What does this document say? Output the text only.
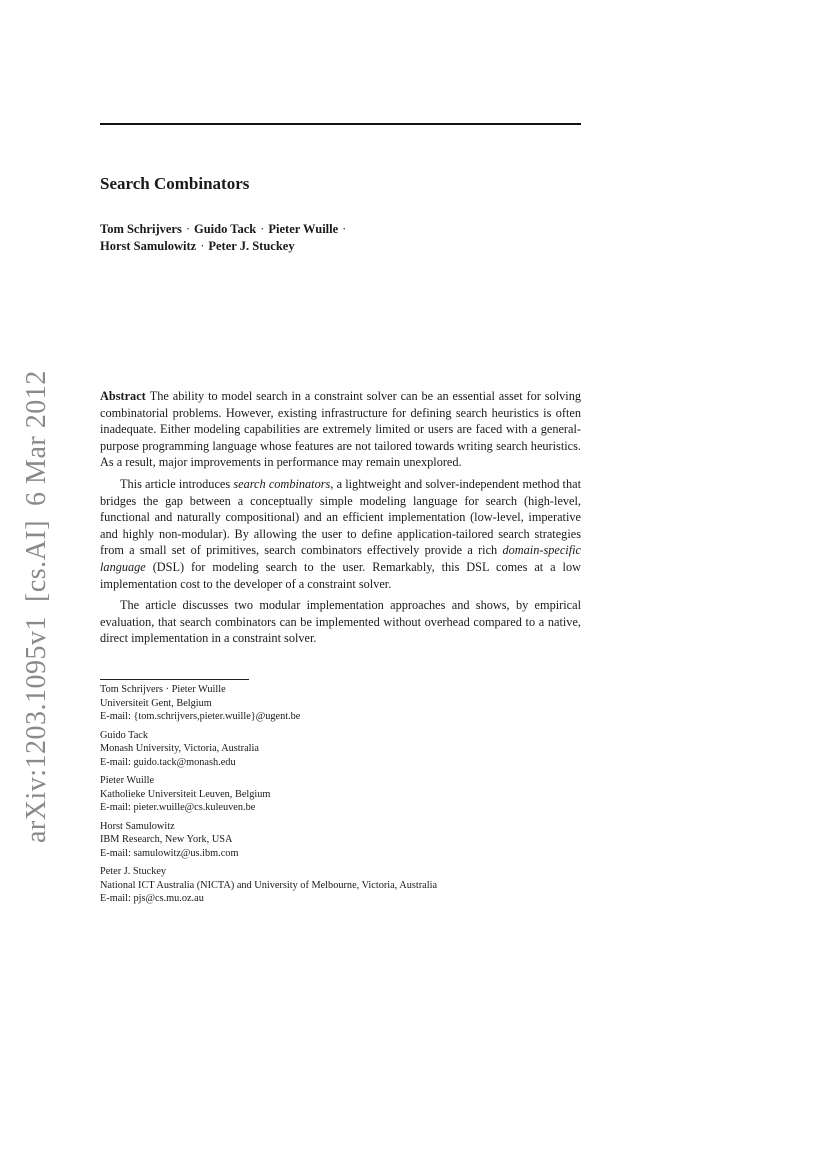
Search Combinators
Tom Schrijvers · Guido Tack · Pieter Wuille ·
Horst Samulowitz · Peter J. Stuckey
arXiv:1203.1095v1[cs.AI]6 Mar 2012	Abstract The ability to model search in a constraint solver can be an essential asset for solving combinatorial problems. However, existing infrastructure for defining search heuristics is often inadequate. Either modeling capabilities are extremely limited or users are faced with a general-purpose programming language whose features are not tailored towards writing search heuristics. As a result, major improvements in performance may remain unexplored.

This article introduces search combinators, a lightweight and solver-independent method that bridges the gap between a conceptually simple modeling language for search (high-level, functional and naturally compositional) and an efficient implementation (low-level, imperative and highly non-modular). By allowing the user to define application-tailored search strategies from a small set of primitives, search combinators effectively provide a rich domain-specific language (DSL) for modeling search to the user. Remarkably, this DSL comes at a low implementation cost to the developer of a constraint solver.

The article discusses two modular implementation approaches and shows, by empirical evaluation, that search combinators can be implemented without overhead compared to a native, direct implementation in a constraint solver.

Tom Schrijvers · Pieter Wuille
Universiteit Gent, Belgium
E-mail: {tom.schrijvers,pieter.wuille}@ugent.be
Guido Tack
Monash University, Victoria, Australia
E-mail: guido.tack@monash.edu
Pieter Wuille
Katholieke Universiteit Leuven, Belgium
E-mail: pieter.wuille@cs.kuleuven.be
Horst Samulowitz
IBM Research, New York, USA
E-mail: samulowitz@us.ibm.com
Peter J. Stuckey
National ICT Australia (NICTA) and University of Melbourne, Victoria, Australia
E-mail: pjs@cs.mu.oz.au
